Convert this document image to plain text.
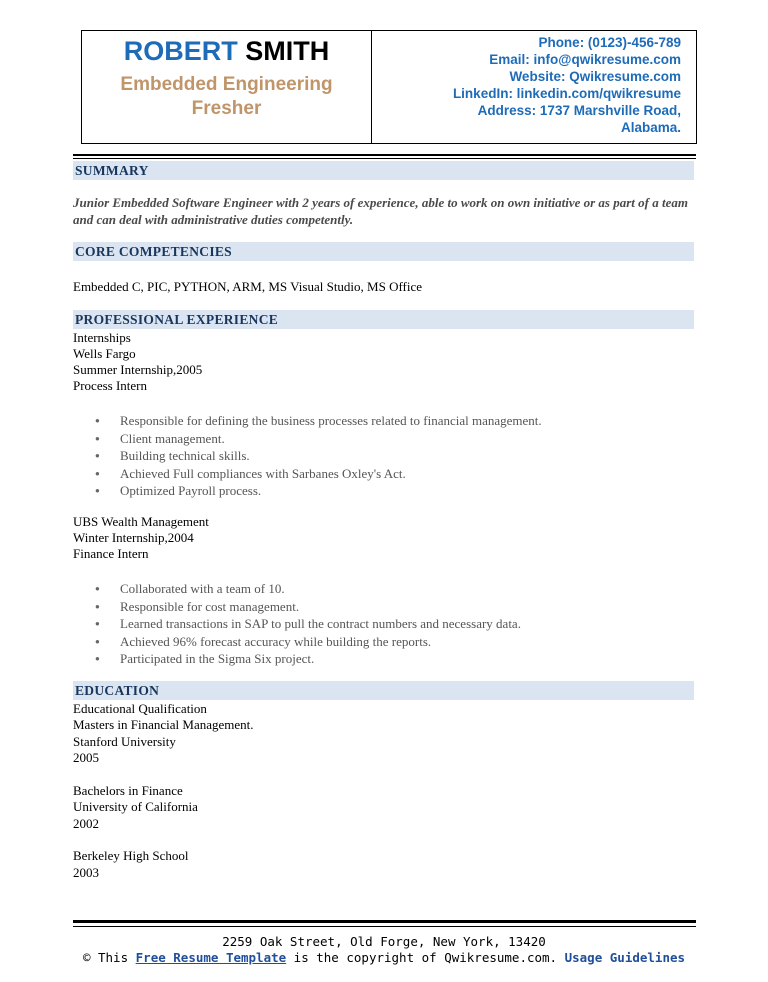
ROBERT SMITH
Embedded Engineering
Fresher
Phone: (0123)-456-789
Email: info@qwikresume.com
Website: Qwikresume.com
LinkedIn: linkedin.com/qwikresume
Address: 1737 Marshville Road,
Alabama.
SUMMARY
Junior Embedded Software Engineer with 2 years of experience, able to work on own initiative or as part of a team and can deal with administrative duties competently.
CORE COMPETENCIES
Embedded C, PIC, PYTHON, ARM, MS Visual Studio, MS Office
PROFESSIONAL EXPERIENCE
Internships
Wells Fargo
Summer Internship,2005
Process Intern
● Responsible for defining the business processes related to financial management.
● Client management.
● Building technical skills.
● Achieved Full compliances with Sarbanes Oxley's Act.
● Optimized Payroll process.
UBS Wealth Management
Winter Internship,2004
Finance Intern
● Collaborated with a team of 10.
● Responsible for cost management.
● Learned transactions in SAP to pull the contract numbers and necessary data.
● Achieved 96% forecast accuracy while building the reports.
● Participated in the Sigma Six project.
EDUCATION
Educational Qualification
Masters in Financial Management.
Stanford University
2005
Bachelors in Finance
University of California
2002
Berkeley High School
2003
2259 Oak Street, Old Forge, New York, 13420
© This Free Resume Template is the copyright of Qwikresume.com. Usage Guidelines
